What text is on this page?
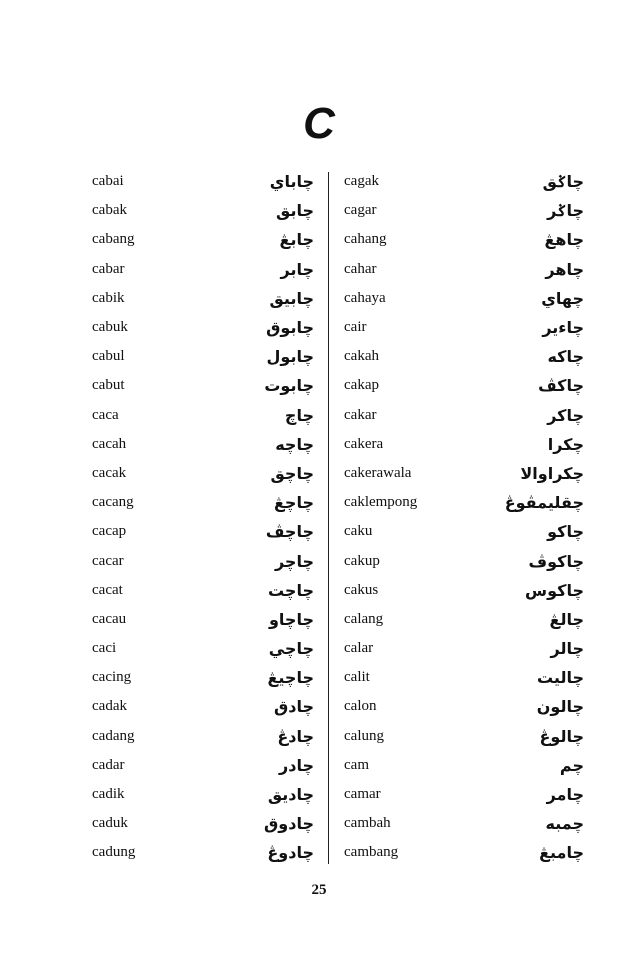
C
cabai	چاباي
cabak	چابق
cabang	چابڠ
cabar	چابر
cabik	چابيق
cabuk	چابوق
cabul	چابول
cabut	چابوت
caca	چاچ
cacah	چاچه
cacak	چاچق
cacang	چاچڠ
cacap	چاچڤ
cacar	چاچر
cacat	چاچت
cacau	چاچاو
caci	چاچي
cacing	چاچيڠ
cadak	چادق
cadang	چادڠ
cadar	چادر
cadik	چاديق
caduk	چادوق
cadung	چادوڠ
cagak	چاݢق
cagar	چاݢر
cahang	چاهڠ
cahar	چاهر
cahaya	چهاي
cair	چاءير
cakah	چاكه
cakap	چاكڤ
cakar	چاكر
cakera	چكرا
cakerawala	چكراوالا
caklempong	چقليمڤوڠ
caku	چاكو
cakup	چاكوڤ
cakus	چاكوس
calang	چالڠ
calar	چالر
calit	چاليت
calon	چالون
calung	چالوڠ
cam	چم
camar	چامر
cambah	چمبه
cambang	چامبڠ
25
